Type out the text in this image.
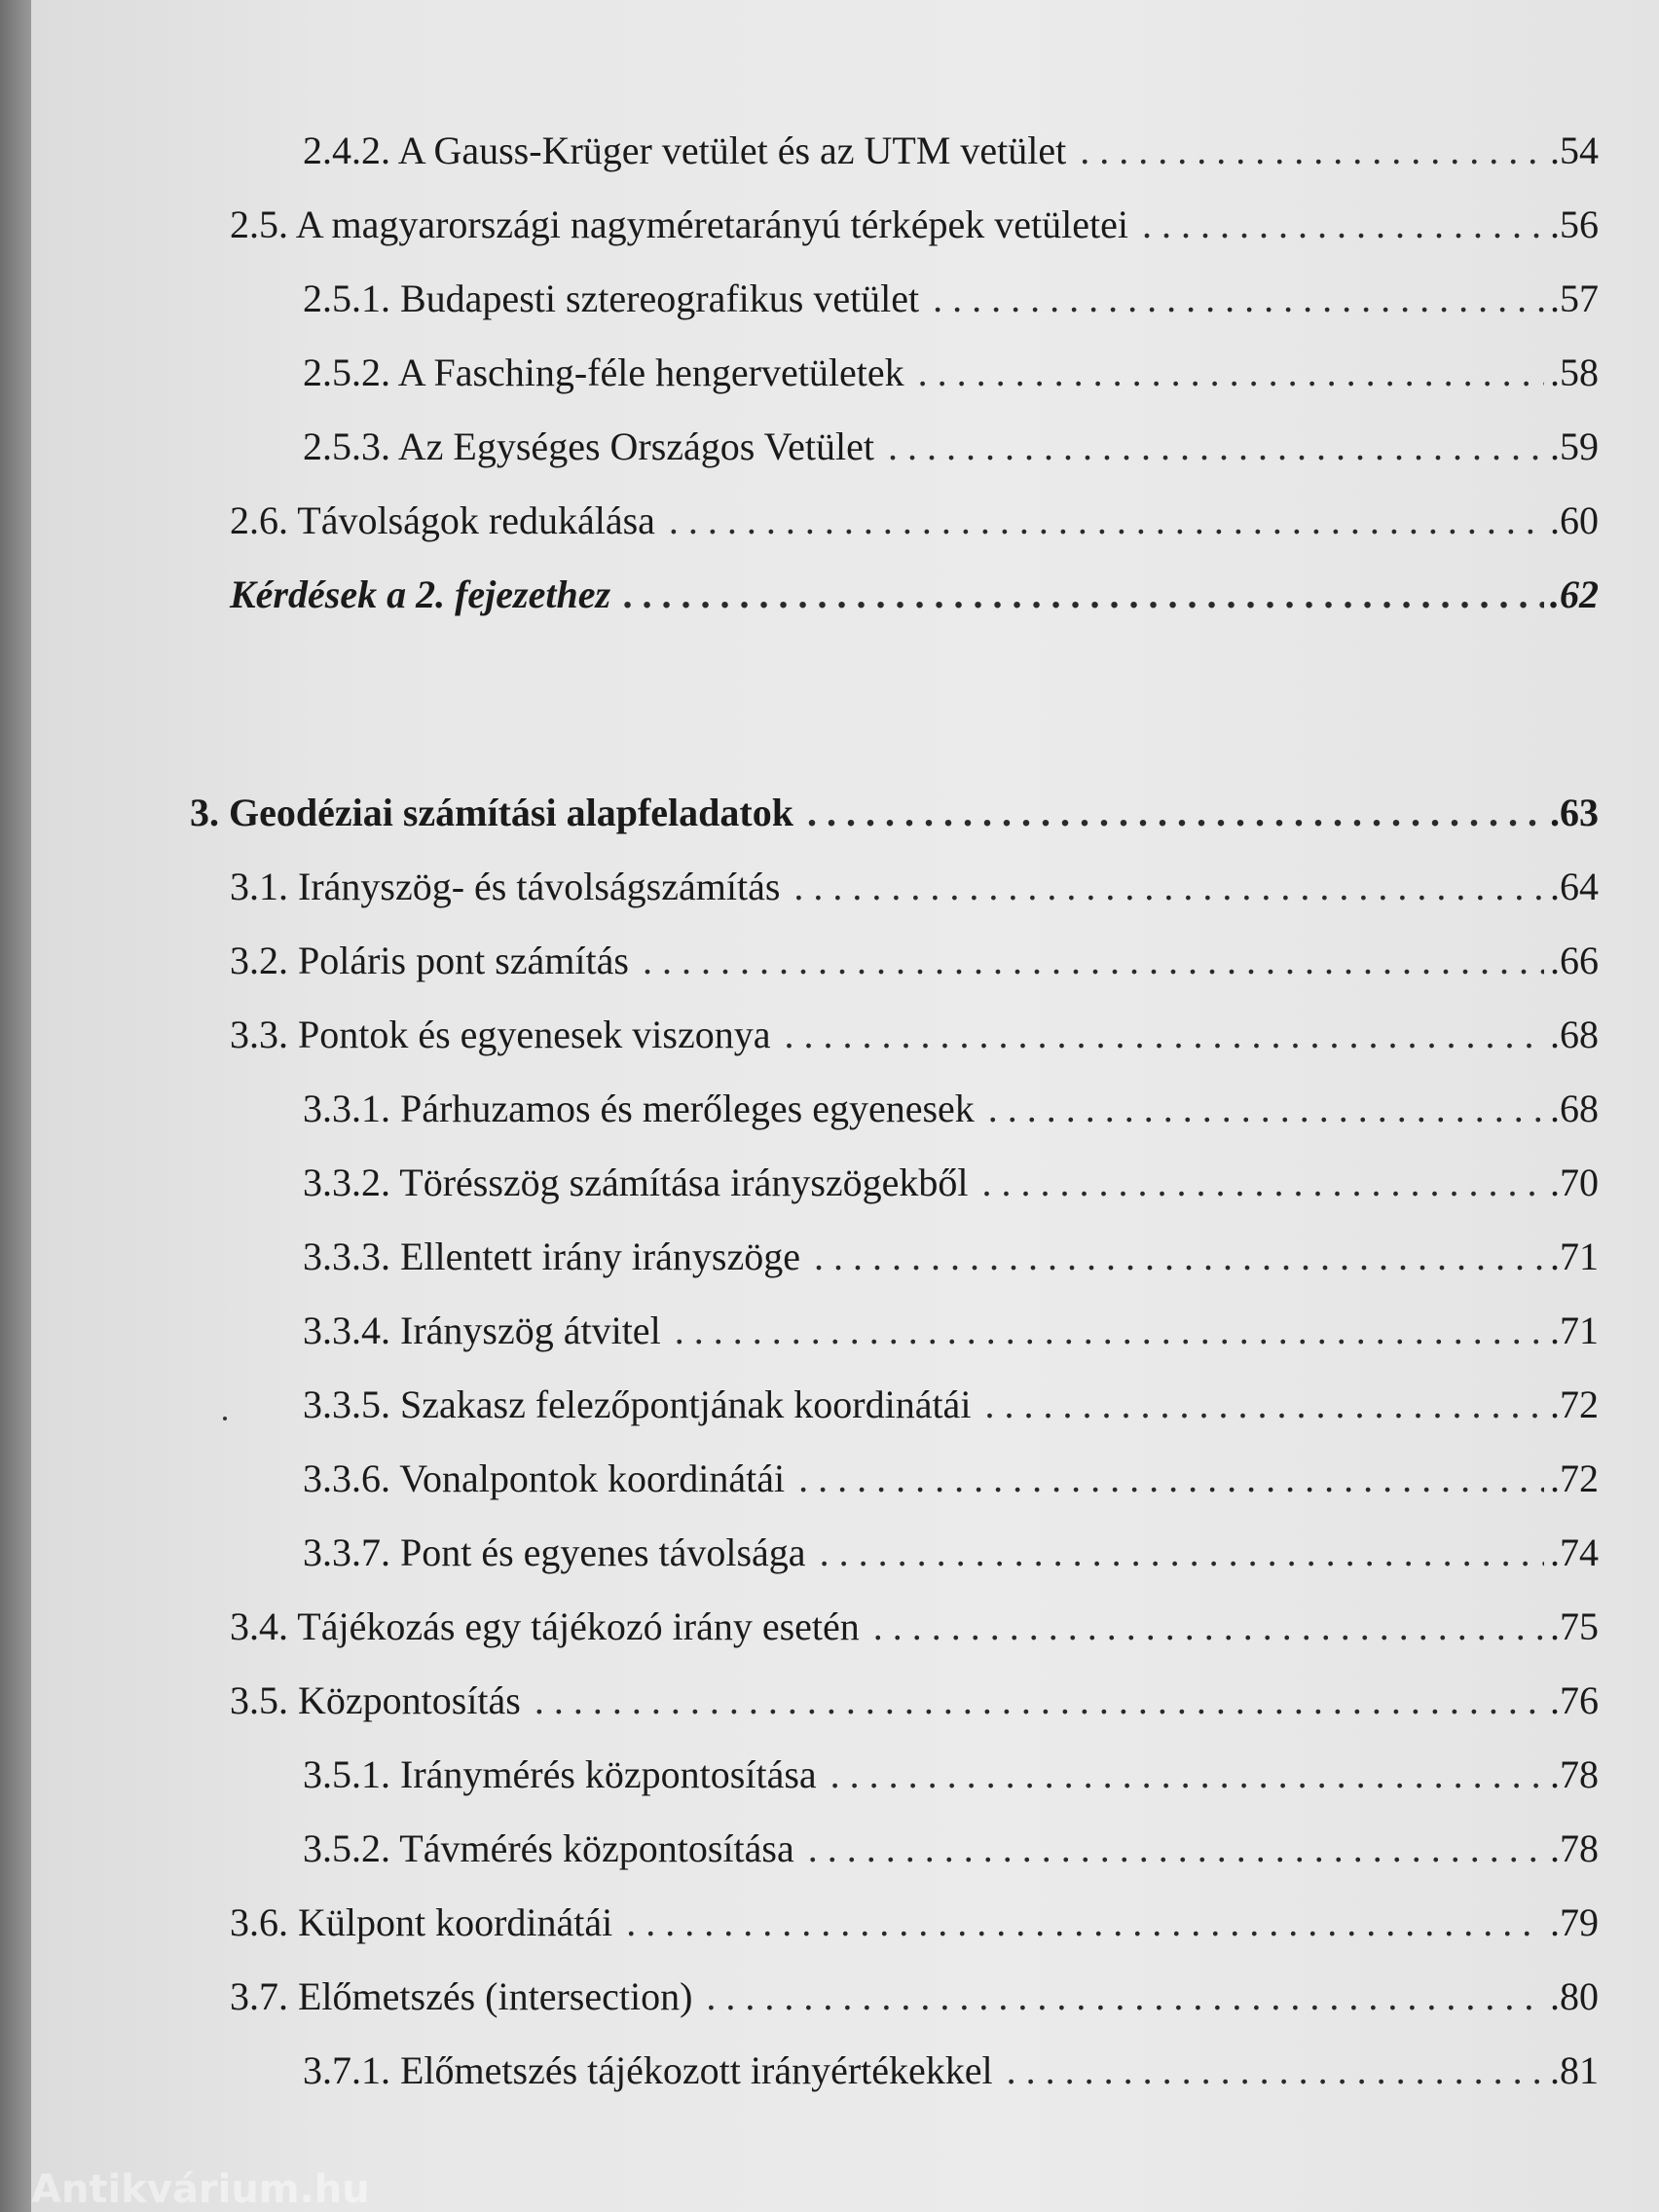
2.4.2. A Gauss-Krüger vetület és az UTM vetület . . .	.54
2.5. A magyarországi nagyméretarányú térképek vetületei . . .	.56
2.5.1. Budapesti sztereografikus vetület . . .	.57
2.5.2. A Fasching-féle hengervetületek . . .	.58
2.5.3. Az Egységes Országos Vetület . . .	.59
2.6. Távolságok redukálása . . .	.60
Kérdések a 2. fejezethez . . .	.62
3. Geodéziai számítási alapfeladatok . . .	.63
3.1. Irányszög- és távolságszámítás . . .	.64
3.2. Poláris pont számítás . . .	.66
3.3. Pontok és egyenesek viszonya . . .	.68
3.3.1. Párhuzamos és merőleges egyenesek . . .	.68
3.3.2. Törésszög számítása irányszögekből . . .	.70
3.3.3. Ellentett irány irányszöge . . .	.71
3.3.4. Irányszög átvitel . . .	.71
3.3.5. Szakasz felezőpontjának koordinátái . . .	.72
3.3.6. Vonalpontok koordinátái . . .	.72
3.3.7. Pont és egyenes távolsága . . .	.74
3.4. Tájékozás egy tájékozó irány esetén . . .	.75
3.5. Központosítás . . .	.76
3.5.1. Iránymérés központosítása . . .	.78
3.5.2. Távmérés központosítása . . .	.78
3.6. Külpont koordinátái . . .	.79
3.7. Előmetszés (intersection) . . .	.80
3.7.1. Előmetszés tájékozott irányértékekkel . . .	.81
Antikvárium.hu
